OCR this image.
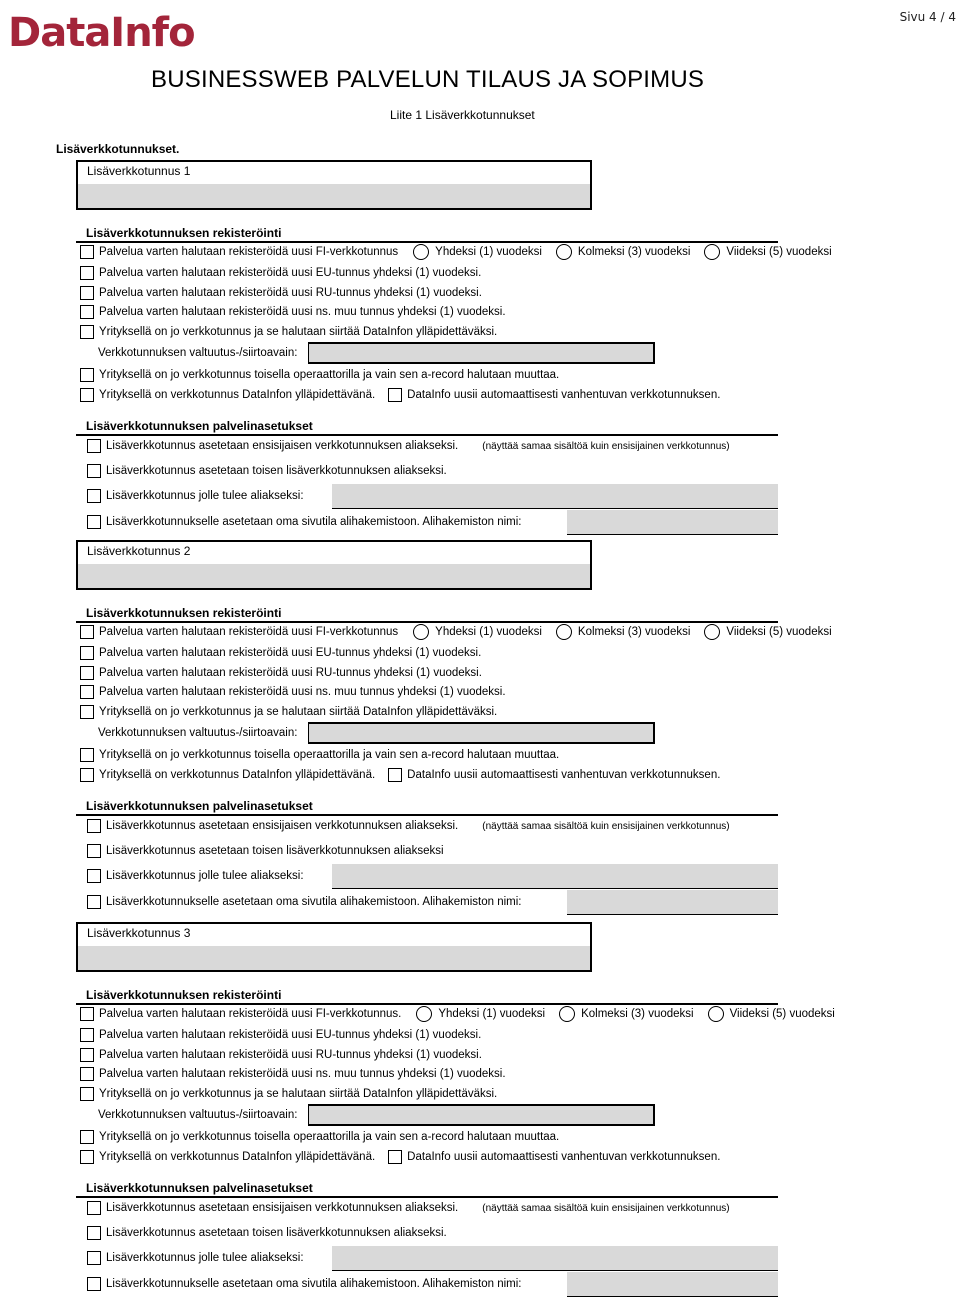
DataInfo	Sivu 4 / 4
BUSINESSWEB PALVELUN TILAUS JA SOPIMUS
Liite 1 Lisäverkkotunnukset
Lisäverkkotunnukset.
Lisäverkkotunnus 1
Lisäverkkotunnuksen rekisteröinti
Palvelua varten halutaan rekisteröidä uusi FI-verkkotunnus	Yhdeksi (1) vuodeksi	Kolmeksi (3) vuodeksi	Viideksi (5) vuodeksi
Palvelua varten halutaan rekisteröidä uusi EU-tunnus yhdeksi (1) vuodeksi.
Palvelua varten halutaan rekisteröidä uusi RU-tunnus yhdeksi (1) vuodeksi.
Palvelua varten halutaan rekisteröidä uusi ns. muu tunnus yhdeksi (1) vuodeksi.
Yrityksellä on jo verkkotunnus ja se halutaan siirtää DataInfon ylläpidettäväksi.
Verkkotunnuksen valtuutus-/siirtoavain:
Yrityksellä on jo verkkotunnus toisella operaattorilla ja vain sen a-record halutaan muuttaa.
Yrityksellä on verkkotunnus DataInfon ylläpidettävänä.	DataInfo uusii automaattisesti vanhentuvan verkkotunnuksen.
Lisäverkkotunnuksen palvelinasetukset
Lisäverkkotunnus asetetaan ensisijaisen verkkotunnuksen aliakseksi. (näyttää samaa sisältöä kuin ensisijainen verkkotunnus)
Lisäverkkotunnus asetetaan toisen lisäverkkotunnuksen aliakseksi.
Lisäverkkotunnus jolle tulee aliakseksi:
Lisäverkkotunnukselle asetetaan oma sivutila alihakemistoon. Alihakemiston nimi:
Lisäverkkotunnus 2
Lisäverkkotunnuksen rekisteröinti
Palvelua varten halutaan rekisteröidä uusi FI-verkkotunnus	Yhdeksi (1) vuodeksi	Kolmeksi (3) vuodeksi	Viideksi (5) vuodeksi
Palvelua varten halutaan rekisteröidä uusi EU-tunnus yhdeksi (1) vuodeksi.
Palvelua varten halutaan rekisteröidä uusi RU-tunnus yhdeksi (1) vuodeksi.
Palvelua varten halutaan rekisteröidä uusi ns. muu tunnus yhdeksi (1) vuodeksi.
Yrityksellä on jo verkkotunnus ja se halutaan siirtää DataInfon ylläpidettäväksi.
Verkkotunnuksen valtuutus-/siirtoavain:
Yrityksellä on jo verkkotunnus toisella operaattorilla ja vain sen a-record halutaan muuttaa.
Yrityksellä on verkkotunnus DataInfon ylläpidettävänä.	DataInfo uusii automaattisesti vanhentuvan verkkotunnuksen.
Lisäverkkotunnuksen palvelinasetukset
Lisäverkkotunnus asetetaan ensisijaisen verkkotunnuksen aliakseksi. (näyttää samaa sisältöä kuin ensisijainen verkkotunnus)
Lisäverkkotunnus asetetaan toisen lisäverkkotunnuksen aliakseksi
Lisäverkkotunnus jolle tulee aliakseksi:
Lisäverkkotunnukselle asetetaan oma sivutila alihakemistoon. Alihakemiston nimi:
Lisäverkkotunnus 3
Lisäverkkotunnuksen rekisteröinti
Palvelua varten halutaan rekisteröidä uusi FI-verkkotunnus.	Yhdeksi (1) vuodeksi	Kolmeksi (3) vuodeksi	Viideksi (5) vuodeksi
Palvelua varten halutaan rekisteröidä uusi EU-tunnus yhdeksi (1) vuodeksi.
Palvelua varten halutaan rekisteröidä uusi RU-tunnus yhdeksi (1) vuodeksi.
Palvelua varten halutaan rekisteröidä uusi ns. muu tunnus yhdeksi (1) vuodeksi.
Yrityksellä on jo verkkotunnus ja se halutaan siirtää DataInfon ylläpidettäväksi.
Verkkotunnuksen valtuutus-/siirtoavain:
Yrityksellä on jo verkkotunnus toisella operaattorilla ja vain sen a-record halutaan muuttaa.
Yrityksellä on verkkotunnus DataInfon ylläpidettävänä.	DataInfo uusii automaattisesti vanhentuvan verkkotunnuksen.
Lisäverkkotunnuksen palvelinasetukset
Lisäverkkotunnus asetetaan ensisijaisen verkkotunnuksen aliakseksi. (näyttää samaa sisältöä kuin ensisijainen verkkotunnus)
Lisäverkkotunnus asetetaan toisen lisäverkkotunnuksen aliakseksi.
Lisäverkkotunnus jolle tulee aliakseksi:
Lisäverkkotunnukselle asetetaan oma sivutila alihakemistoon. Alihakemiston nimi:
